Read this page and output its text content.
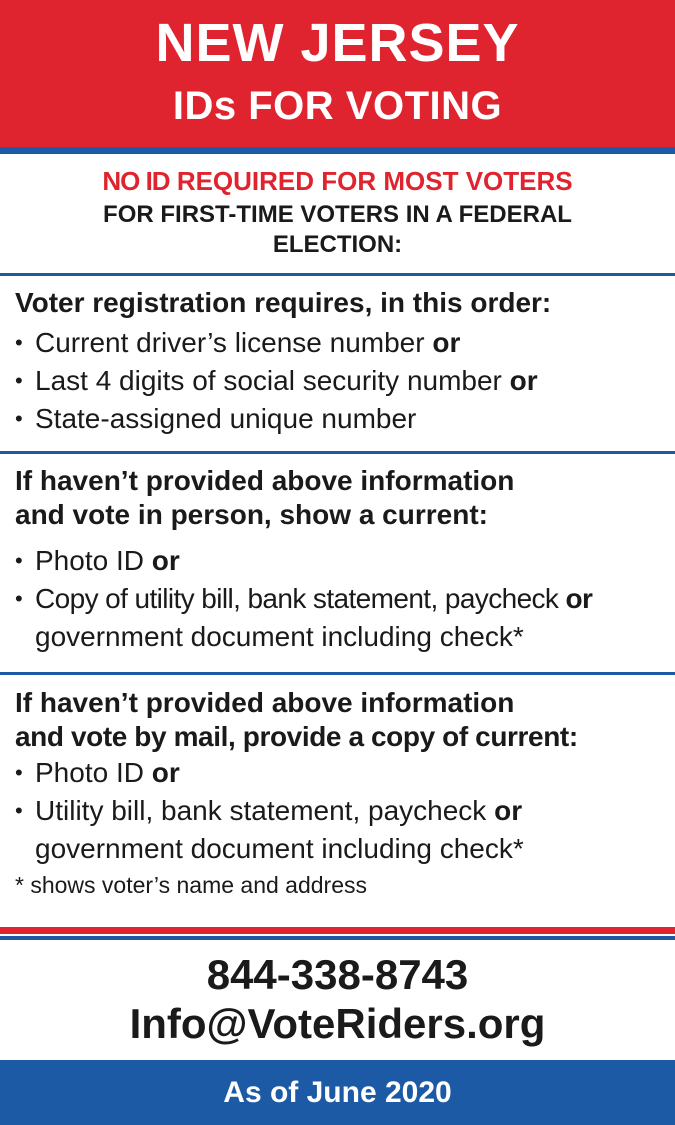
NEW JERSEY
IDs FOR VOTING
NO ID REQUIRED FOR MOST VOTERS
FOR FIRST-TIME VOTERS IN A FEDERAL ELECTION:
Voter registration requires, in this order:
• Current driver’s license number or
• Last 4 digits of social security number or
• State-assigned unique number
If haven’t provided above information
and vote in person, show a current:
• Photo ID or
• Copy of utility bill, bank statement, paycheck or
government document including check*
If haven’t provided above information
and vote by mail, provide a copy of current:
• Photo ID or
• Utility bill, bank statement, paycheck or
government document including check*
* shows voter’s name and address
844-338-8743
Info@VoteRiders.org
As of June 2020
